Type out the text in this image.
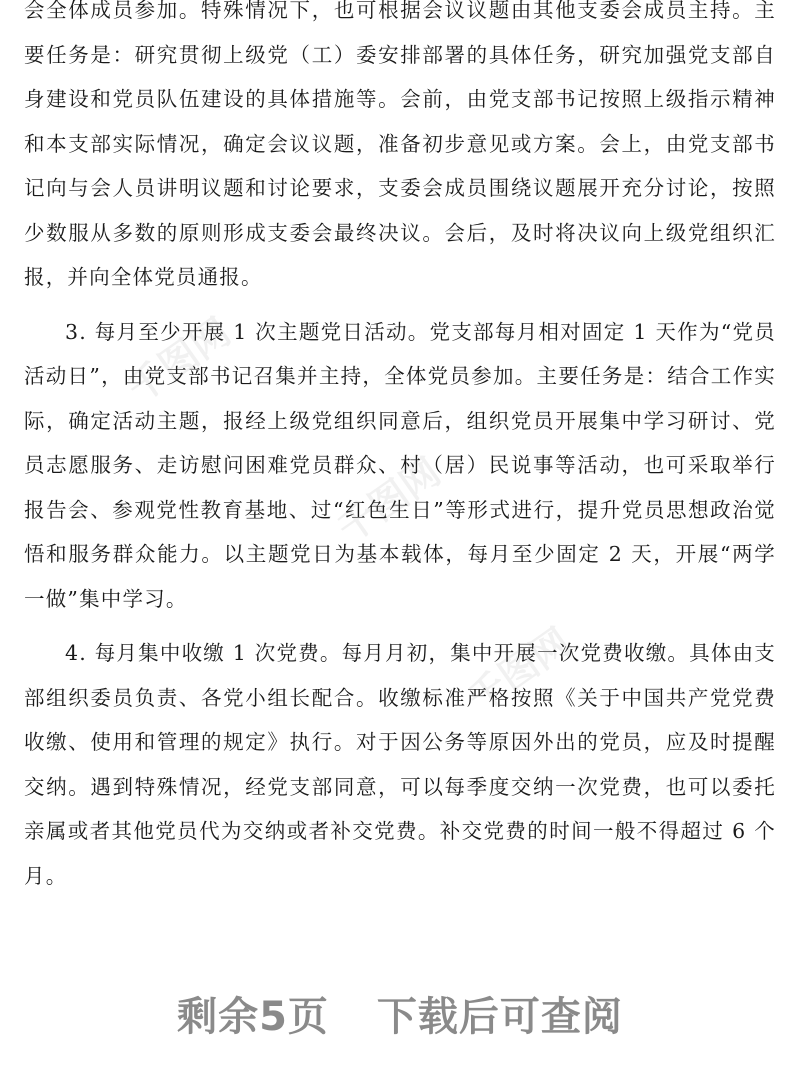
会全体成员参加。特殊情况下，也可根据会议议题由其他支委会成员主持。主要任务是：研究贯彻上级党（工）委安排部署的具体任务，研究加强党支部自身建设和党员队伍建设的具体措施等。会前，由党支部书记按照上级指示精神和本支部实际情况，确定会议议题，准备初步意见或方案。会上，由党支部书记向与会人员讲明议题和讨论要求，支委会成员围绕议题展开充分讨论，按照少数服从多数的原则形成支委会最终决议。会后，及时将决议向上级党组织汇报，并向全体党员通报。

3. 每月至少开展 1 次主题党日活动。党支部每月相对固定 1 天作为“党员活动日”，由党支部书记召集并主持，全体党员参加。主要任务是：结合工作实际，确定活动主题，报经上级党组织同意后，组织党员开展集中学习研讨、党员志愿服务、走访慰问困难党员群众、村（居）民说事等活动，也可采取举行报告会、参观党性教育基地、过“红色生日”等形式进行，提升党员思想政治觉悟和服务群众能力。以主题党日为基本载体，每月至少固定 2 天，开展“两学一做”集中学习。

4. 每月集中收缴 1 次党费。每月月初，集中开展一次党费收缴。具体由支部组织委员负责、各党小组长配合。收缴标准严格按照《关于中国共产党党费收缴、使用和管理的规定》执行。对于因公务等原因外出的党员，应及时提醒交纳。遇到特殊情况，经党支部同意，可以每季度交纳一次党费，也可以委托亲属或者其他党员代为交纳或者补交党费。补交党费的时间一般不得超过 6 个月。

千图网
千图网
千图网
剩余5页 下载后可查阅
